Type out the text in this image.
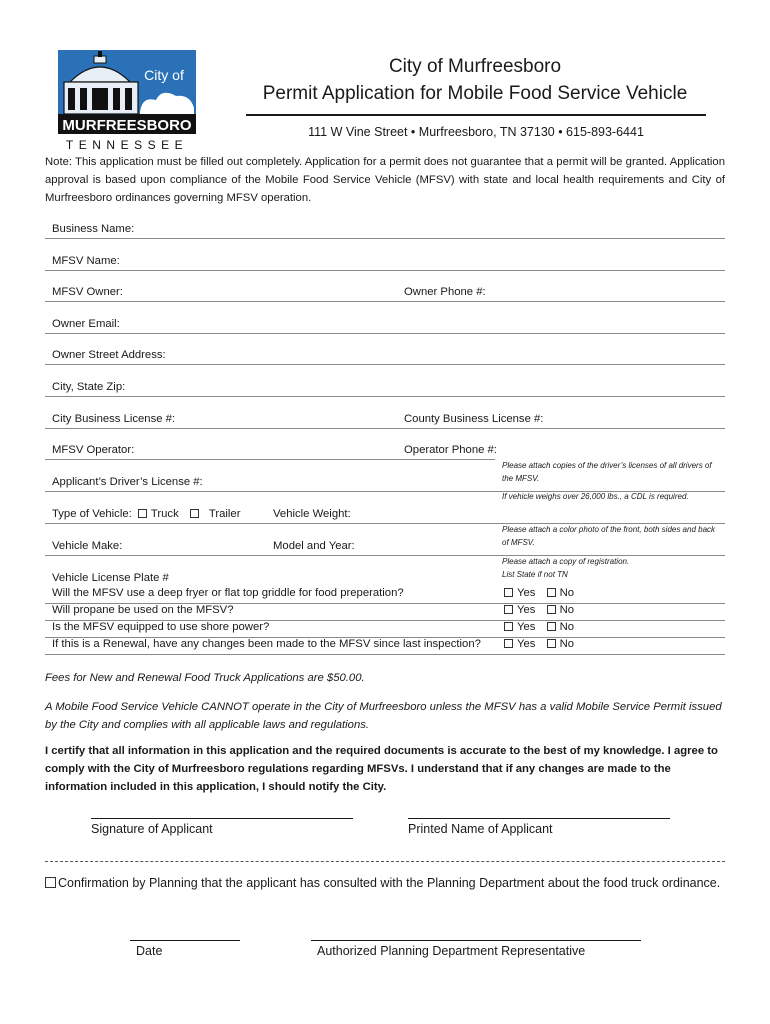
City of
MURFREESBORO
TENNESSEE
City of Murfreesboro
Permit Application for Mobile Food Service Vehicle
111 W Vine Street • Murfreesboro, TN 37130 • 615-893-6441
Note: This application must be filled out completely. Application for a permit does not guarantee that a permit will be granted. Application approval is based upon compliance of the Mobile Food Service Vehicle (MFSV) with state and local health requirements and City of Murfreesboro ordinances governing MFSV operation.
Business Name:
MFSV Name:
MFSV Owner:	Owner Phone #:
Owner Email:
Owner Street Address:
City, State Zip:
City Business License #:	County Business License #:
MFSV Operator:	Operator Phone #:
Please attach copies of the driver’s licenses of all drivers of the MFSV.
Applicant’s Driver’s License #:
If vehicle weighs over 26,000 lbs., a CDL is required.
Type of Vehicle: Truck	Trailer	Vehicle Weight:
Please attach a color photo of the front, both sides and back of MFSV.
Vehicle Make:	Model and Year:
Please attach a copy of registration.
List State if not TN
Vehicle License Plate #
Will the MFSV use a deep fryer or flat top griddle for food preperation?	Yes No
Will propane be used on the MFSV?	Yes No
Is the MFSV equipped to use shore power?	Yes No
If this is a Renewal, have any changes been made to the MFSV since last inspection?	Yes No
Fees for New and Renewal Food Truck Applications are $50.00.
A Mobile Food Service Vehicle CANNOT operate in the City of Murfreesboro unless the MFSV has a valid Mobile Service Permit issued by the City and complies with all applicable laws and regulations.
I certify that all information in this application and the required documents is accurate to the best of my knowledge. I agree to comply with the City of Murfreesboro regulations regarding MFSVs. I understand that if any changes are made to the information included in this application, I should notify the City.
Signature of Applicant	Printed Name of Applicant
Confirmation by Planning that the applicant has consulted with the Planning Department about the food truck ordinance.
Date	Authorized Planning Department Representative
